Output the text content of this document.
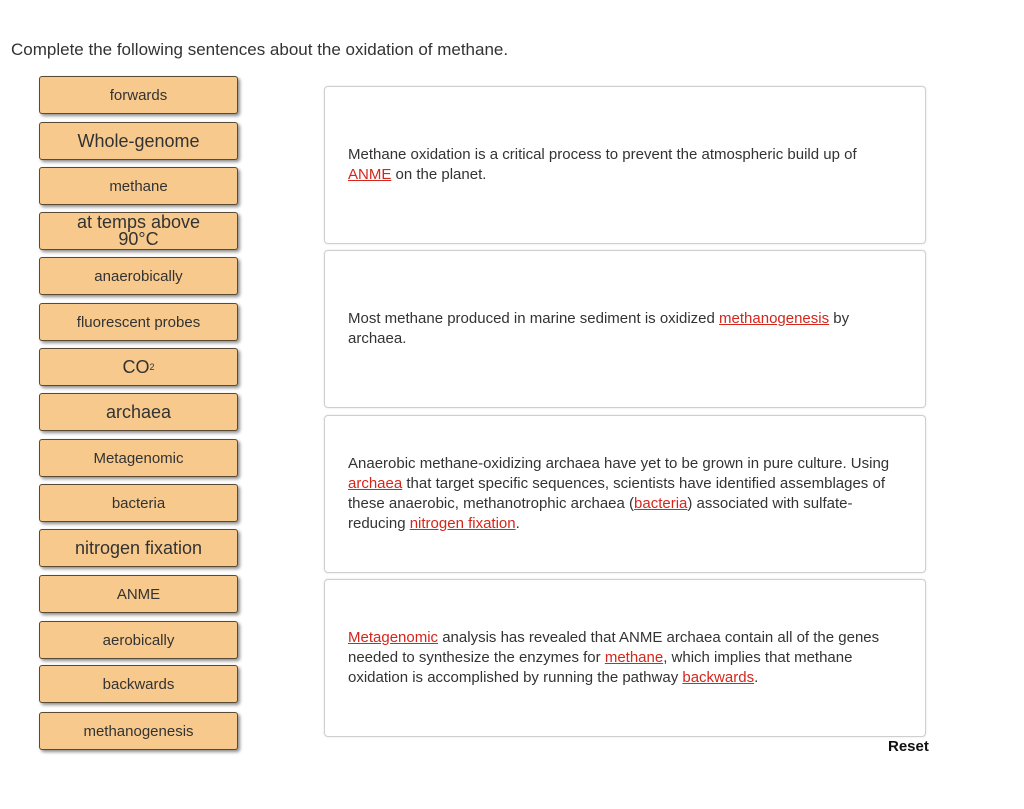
Complete the following sentences about the oxidation of methane.
forwards
Whole-genome
methane
at temps above 90°C
anaerobically
fluorescent probes
CO 2
archaea
Metagenomic
bacteria
nitrogen fixation
ANME
aerobically
backwards
methanogenesis
Methane oxidation is a critical process to prevent the atmospheric build up of ANME on the planet.
Most methane produced in marine sediment is oxidized methanogenesis by archaea.
Anaerobic methane-oxidizing archaea have yet to be grown in pure culture. Using archaea that target specific sequences, scientists have identified assemblages of these anaerobic, methanotrophic archaea (bacteria) associated with sulfate-reducing nitrogen fixation.
Metagenomic analysis has revealed that ANME archaea contain all of the genes needed to synthesize the enzymes for methane, which implies that methane oxidation is accomplished by running the pathway backwards.
Reset
